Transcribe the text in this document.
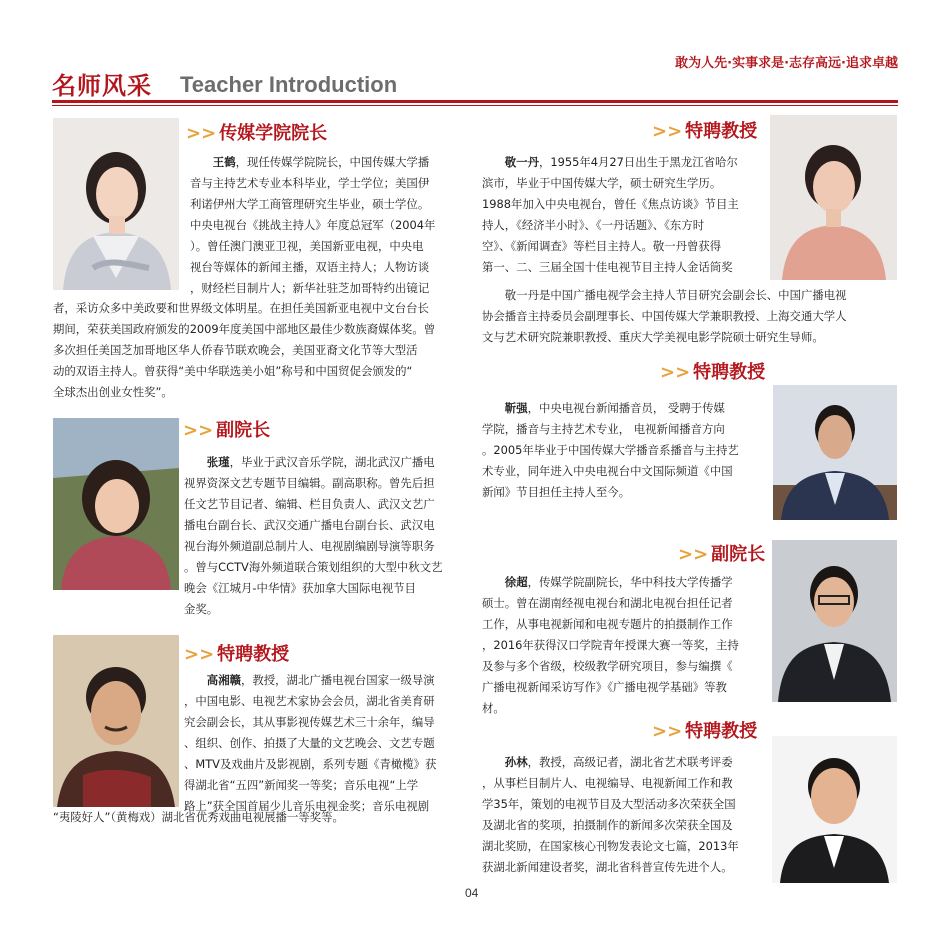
名师风采 Teacher Introduction
敢为人先·实事求是·志存高远·追求卓越
>> 传媒学院院长

王鹤，现任传媒学院院长，中国传媒大学播

音与主持艺术专业本科毕业，学士学位；美国伊

利诺伊州大学工商管理研究生毕业，硕士学位。

中央电视台《挑战主持人》年度总冠军（2004年

）。曾任澳门澳亚卫视，美国新亚电视，中央电

视台等媒体的新闻主播，双语主持人；人物访谈

，财经栏目制片人；新华社驻芝加哥特约出镜记

者，采访众多中美政要和世界级文体明星。在担任美国新亚电视中文台台长

期间，荣获美国政府颁发的2009年度美国中部地区最佳少数族裔媒体奖。曾

多次担任美国芝加哥地区华人侨春节联欢晚会，美国亚裔文化节等大型活

动的双语主持人。曾获得“美中华联选美小姐”称号和中国贸促会颁发的“

全球杰出创业女性奖”。

>> 副院长

张瑾，毕业于武汉音乐学院，湖北武汉广播电

视界资深文艺专题节目编辑。副高职称。曾先后担

任文艺节目记者、编辑、栏目负责人、武汉文艺广

播电台副台长、武汉交通广播电台副台长、武汉电

视台海外频道副总制片人、电视剧编剧导演等职务

。曾与CCTV海外频道联合策划组织的大型中秋文艺

晚会《江城月-中华情》获加拿大国际电视节目

金奖。

>> 特聘教授

高湘赣，教授，湖北广播电视台国家一级导演

，中国电影、电视艺术家协会会员，湖北省美育研

究会副会长，其从事影视传媒艺术三十余年，编导

、组织、创作、拍摄了大量的文艺晚会、文艺专题

、MTV及戏曲片及影视剧，系列专题《青橄榄》获

得湖北省“五四”新闻奖一等奖；音乐电视“上学

路上”获全国首届少儿音乐电视金奖；音乐电视剧

“夷陵好人”（黄梅戏）湖北省优秀戏曲电视展播一等奖等。

>> 特聘教授

敬一丹，1955年4月27日出生于黑龙江省哈尔

滨市，毕业于中国传媒大学，硕士研究生学历。

1988年加入中央电视台，曾任《焦点访谈》节目主

持人，《经济半小时》、《一丹话题》、《东方时

空》、《新闻调查》等栏目主持人。敬一丹曾获得

第一、二、三届全国十佳电视节目主持人金话筒奖

敬一丹是中国广播电视学会主持人节目研究会副会长、中国广播电视

协会播音主持委员会副理事长、中国传媒大学兼职教授、上海交通大学人

文与艺术研究院兼职教授、重庆大学美视电影学院硕士研究生导师。

>> 特聘教授

靳强，中央电视台新闻播音员， 受聘于传媒

学院，播音与主持艺术专业， 电视新闻播音方向

。2005年毕业于中国传媒大学播音系播音与主持艺

术专业，同年进入中央电视台中文国际频道《中国

新闻》节目担任主持人至今。

>> 副院长

徐超，传媒学院副院长，华中科技大学传播学

硕士。曾在湖南经视电视台和湖北电视台担任记者

工作，从事电视新闻和电视专题片的拍摄制作工作

，2016年获得汉口学院青年授课大赛一等奖，主持

及参与多个省级，校级教学研究项目，参与编撰《

广播电视新闻采访写作》《广播电视学基础》等教

材。

>> 特聘教授

孙林，教授，高级记者，湖北省艺术联考评委

，从事栏目制片人、电视编导、电视新闻工作和教

学35年，策划的电视节目及大型活动多次荣获全国

及湖北省的奖项，拍摄制作的新闻多次荣获全国及

湖北奖励，在国家核心刊物发表论文七篇，2013年

获湖北新闻建设者奖，湖北省科普宣传先进个人。

04
